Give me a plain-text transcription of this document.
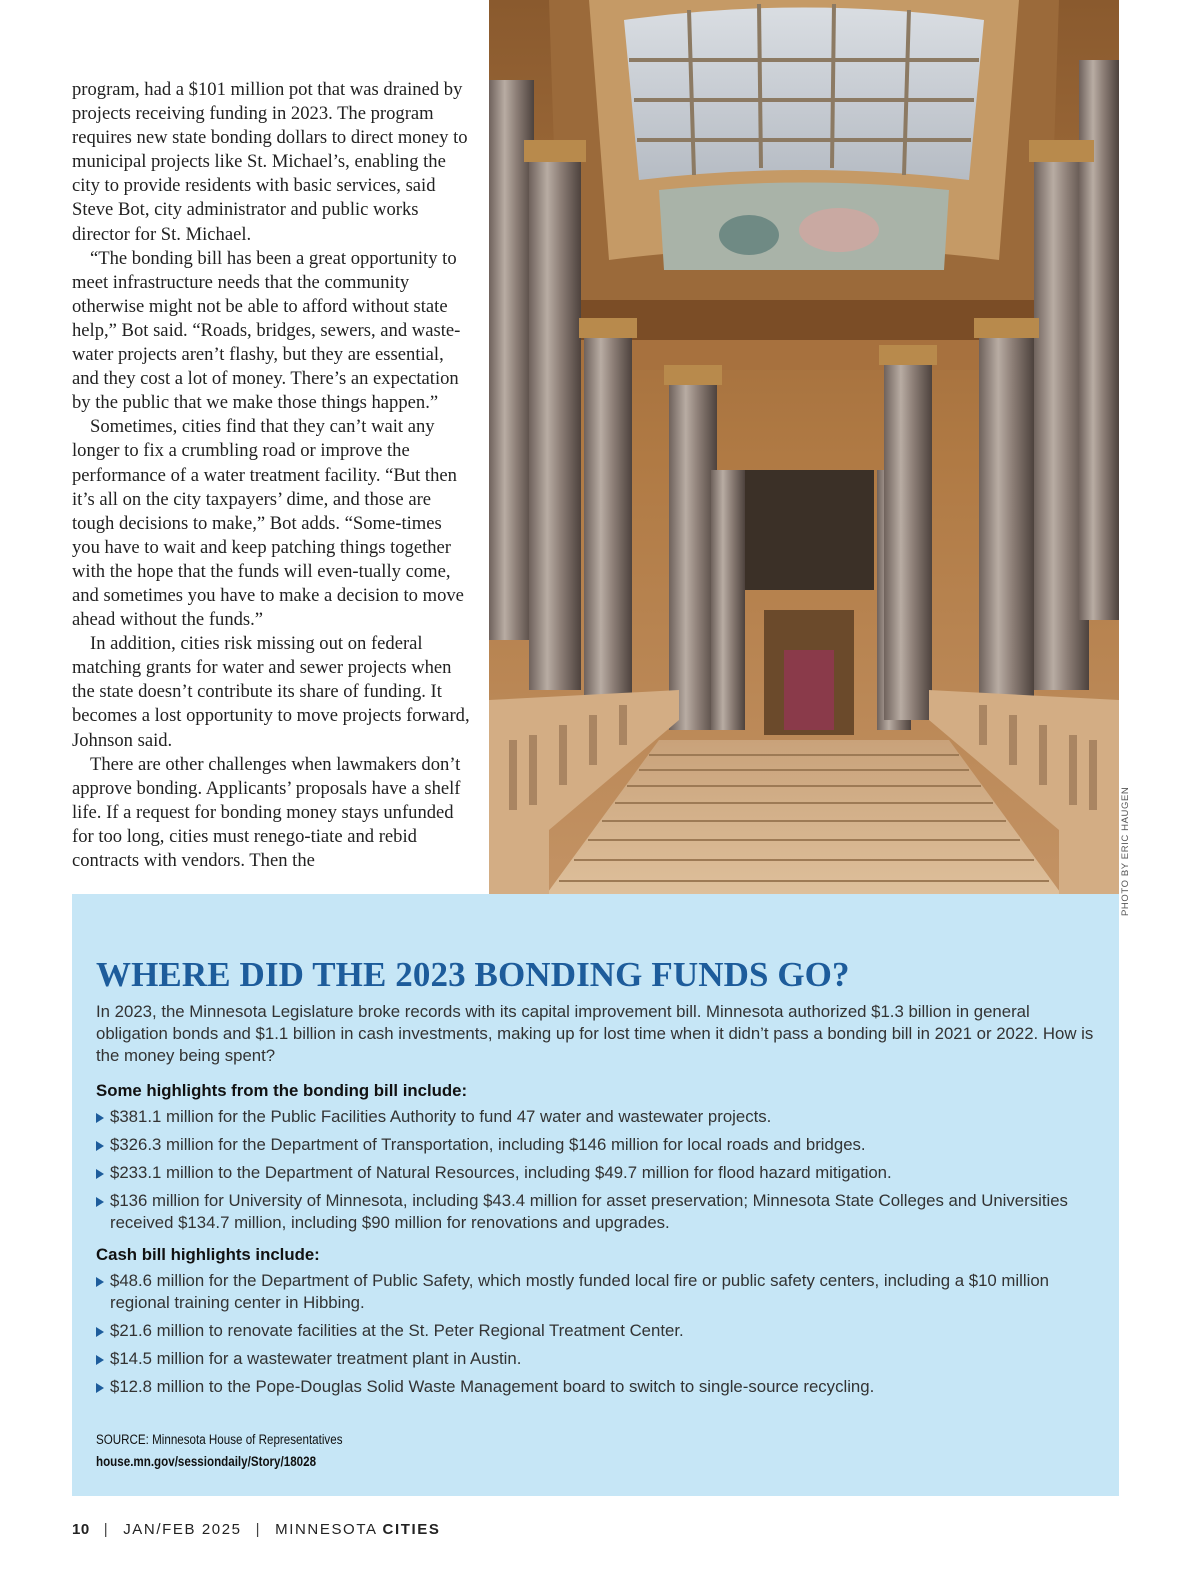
program, had a $101 million pot that was drained by projects receiving funding in 2023. The program requires new state bonding dollars to direct money to municipal projects like St. Michael’s, enabling the city to provide residents with basic services, said Steve Bot, city administrator and public works director for St. Michael.

“The bonding bill has been a great opportunity to meet infrastructure needs that the community otherwise might not be able to afford without state help,” Bot said. “Roads, bridges, sewers, and waste-water projects aren’t flashy, but they are essential, and they cost a lot of money. There’s an expectation by the public that we make those things happen.”

Sometimes, cities find that they can’t wait any longer to fix a crumbling road or improve the performance of a water treatment facility. “But then it’s all on the city taxpayers’ dime, and those are tough decisions to make,” Bot adds. “Some-times you have to wait and keep patching things together with the hope that the funds will even-tually come, and sometimes you have to make a decision to move ahead without the funds.”

In addition, cities risk missing out on federal matching grants for water and sewer projects when the state doesn’t contribute its share of funding. It becomes a lost opportunity to move projects forward, Johnson said.

There are other challenges when lawmakers don’t approve bonding. Applicants’ proposals have a shelf life. If a request for bonding money stays unfunded for too long, cities must renego-tiate and rebid contracts with vendors. Then the	PHOTO BY ERIC HAUGEN
WHERE DID THE 2023 BONDING FUNDS GO?

In 2023, the Minnesota Legislature broke records with its capital improvement bill. Minnesota authorized $1.3 billion in general obligation bonds and $1.1 billion in cash investments, making up for lost time when it didn’t pass a bonding bill in 2021 or 2022. How is the money being spent?

Some highlights from the bonding bill include:

$381.1 million for the Public Facilities Authority to fund 47 water and wastewater projects.
$326.3 million for the Department of Transportation, including $146 million for local roads and bridges.
$233.1 million to the Department of Natural Resources, including $49.7 million for flood hazard mitigation.
$136 million for University of Minnesota, including $43.4 million for asset preservation; Minnesota State Colleges and Universities received $134.7 million, including $90 million for renovations and upgrades.

Cash bill highlights include:

$48.6 million for the Department of Public Safety, which mostly funded local fire or public safety centers, including a $10 million regional training center in Hibbing.
$21.6 million to renovate facilities at the St. Peter Regional Treatment Center.
$14.5 million for a wastewater treatment plant in Austin.
$12.8 million to the Pope-Douglas Solid Waste Management board to switch to single-source recycling.
SOURCE: Minnesota House of Representatives
house.mn.gov/sessiondaily/Story/18028
10 | JAN/FEB 2025 | MINNESOTA CITIES
